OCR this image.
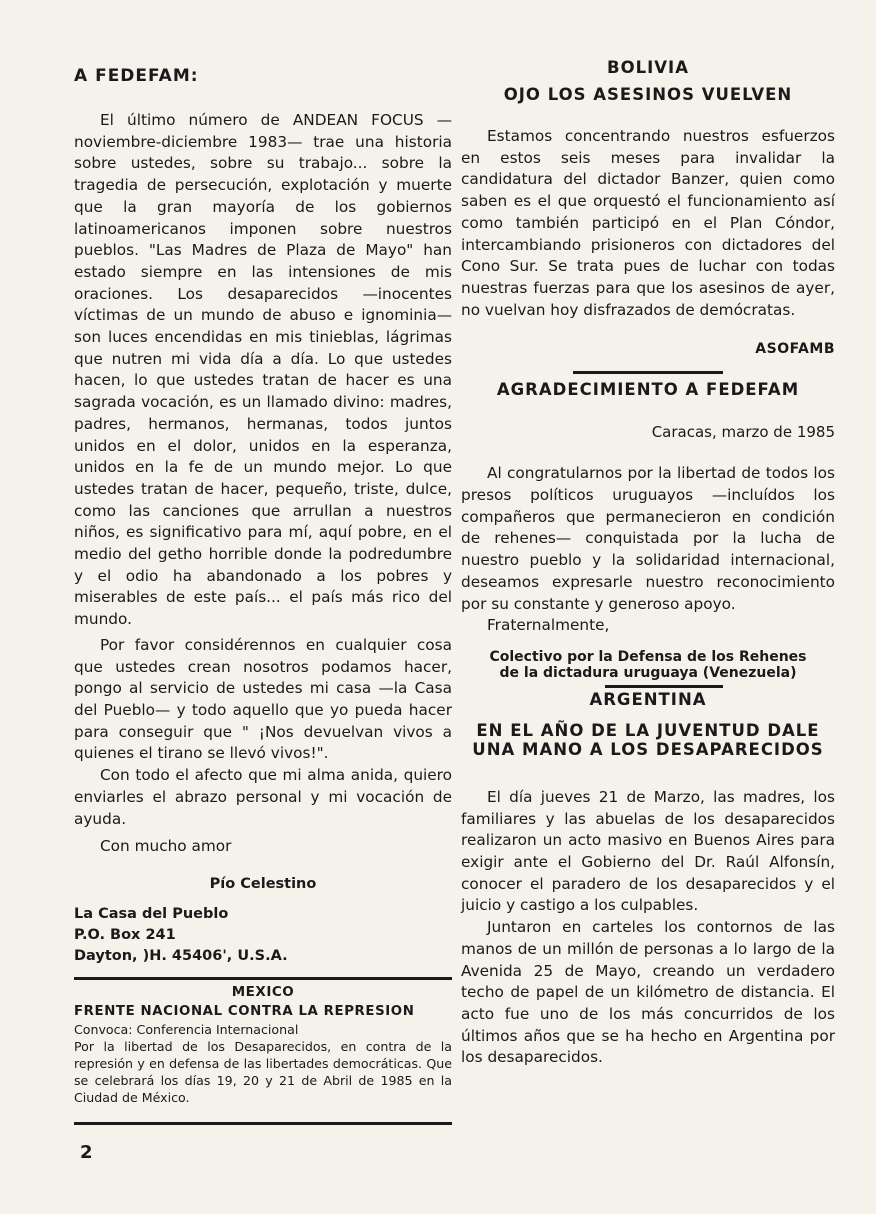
A FEDEFAM:

El último número de ANDEAN FOCUS —noviembre-diciembre 1983— trae una historia sobre ustedes, sobre su trabajo... sobre la tragedia de persecución, explotación y muerte que la gran mayoría de los gobiernos latinoamericanos imponen sobre nuestros pueblos. "Las Madres de Plaza de Mayo" han estado siempre en las intensiones de mis oraciones. Los desaparecidos —inocentes víctimas de un mundo de abuso e ignominia— son luces encendidas en mis tinieblas, lágrimas que nutren mi vida día a día. Lo que ustedes hacen, lo que ustedes tratan de hacer es una sagrada vocación, es un llamado divino: madres, padres, hermanos, hermanas, todos juntos unidos en el dolor, unidos en la esperanza, unidos en la fe de un mundo mejor. Lo que ustedes tratan de hacer, pequeño, triste, dulce, como las canciones que arrullan a nuestros niños, es significativo para mí, aquí pobre, en el medio del getho horrible donde la podredumbre y el odio ha abandonado a los pobres y miserables de este país... el país más rico del mundo.

Por favor considérennos en cualquier cosa que ustedes crean nosotros podamos hacer, pongo al servicio de ustedes mi casa —la Casa del Pueblo— y todo aquello que yo pueda hacer para conseguir que " ¡Nos devuelvan vivos a quienes el tirano se llevó vivos!".

Con todo el afecto que mi alma anida, quiero enviarles el abrazo personal y mi vocación de ayuda.

Con mucho amor

Pío Celestino
La Casa del Pueblo
P.O. Box 241
Dayton, )H. 45406', U.S.A.
MEXICO
FRENTE NACIONAL CONTRA LA REPRESION
Convoca: Conferencia Internacional
Por la libertad de los Desaparecidos, en contra de la represión y en defensa de las libertades democráticas. Que se celebrará los días 19, 20 y 21 de Abril de 1985 en la Ciudad de México.
BOLIVIA
OJO LOS ASESINOS VUELVEN

Estamos concentrando nuestros esfuerzos en estos seis meses para invalidar la candidatura del dictador Banzer, quien como saben es el que orquestó el funcionamiento así como también participó en el Plan Cóndor, intercambiando prisioneros con dictadores del Cono Sur. Se trata pues de luchar con todas nuestras fuerzas para que los asesinos de ayer, no vuelvan hoy disfrazados de demócratas.

ASOFAMB
AGRADECIMIENTO A FEDEFAM
Caracas, marzo de 1985

Al congratularnos por la libertad de todos los presos políticos uruguayos —incluídos los compañeros que permanecieron en condición de rehenes— conquistada por la lucha de nuestro pueblo y la solidaridad internacional, deseamos expresarle nuestro reconocimiento por su constante y generoso apoyo.

Fraternalmente,

Colectivo por la Defensa de los Rehenes
de la dictadura uruguaya (Venezuela)
ARGENTINA
EN EL AÑO DE LA JUVENTUD DALE
UNA MANO A LOS DESAPARECIDOS

El día jueves 21 de Marzo, las madres, los familiares y las abuelas de los desaparecidos realizaron un acto masivo en Buenos Aires para exigir ante el Gobierno del Dr. Raúl Alfonsín, conocer el paradero de los desaparecidos y el juicio y castigo a los culpables.

Juntaron en carteles los contornos de las manos de un millón de personas a lo largo de la Avenida 25 de Mayo, creando un verdadero techo de papel de un kilómetro de distancia. El acto fue uno de los más concurridos de los últimos años que se ha hecho en Argentina por los desaparecidos.

2
